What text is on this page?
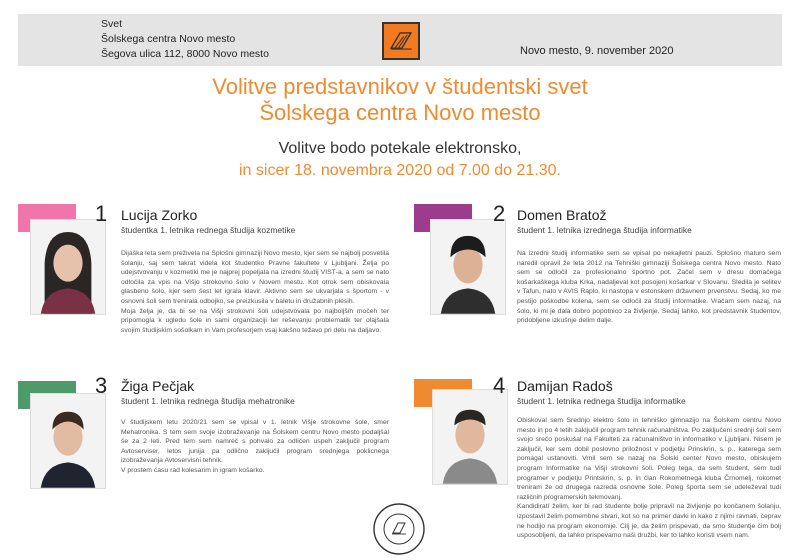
Svet
Šolskega centra Novo mesto
Šegova ulica 112, 8000 Novo mesto	Novo mesto, 9. november 2020
Volitve predstavnikov v študentski svet
Šolskega centra Novo mesto
Volitve bodo potekale elektronsko,
in sicer 18. novembra 2020 od 7.00 do 21.30.
1 Lucija Zorko
študentka 1. letnika rednega študija kozmetike

Dijaška leta sem preživela na Splošni gimnaziji Novo mesto, kjer sem se najbolj posvetila šolanju, saj sem takrat videla kot študentko Pravne fakultete v Ljubljani. Želja po udejstvovanju v kozmetiki me je najprej popeljala na izredni študij VIST‑a, a sem se nato odločila za vpis na Višjo strokovno šolo v Novem mestu. Kot otrok sem obiskovala glasbeno šolo, kjer sem šest let igrala klavir. Aktivno sem se ukvarjala s športom ‑ v osnovni šoli sem trenirala odbojko, se preizkusila v baletu in družabnih plesih.

Moja želja je, da bi se na Višji strokovni šoli udejstvovala po najboljših močeh ter pripomogla k ugledu šole in sami organizaciji ter reševanju problematik ter olajšala svojim študijskim sošolkam in Vam profesorjem vsaj kakšno težavo pri delu na daljavo.

2 Domen Bratož
študent 1. letnika izrednega študija informatike

Na izredni študij informatike sem se vpisal po nekajletni pauzi. Splošno maturo sem naredil opravil že leta 2012 na Tehniški gimnaziji Šolskega centra Novo mesto. Nato sem se odločil za profesionalno športno pot. Začel sem v dresu domačega košarkaškega kluba Krka, nadaljeval kot posojeni košarkar v Slovanu. Sledila je selitev v Tafun, nato v AVIS Raplo, ki nastopa v estonskem državnem prvenstvu. Sedaj, ko me pestijo poškodbe kolena, sem se odločil za študij informatike. Vračam sem nazaj, na šolo, ki mi je dala dobro popotnico za življenje. Sedaj lahko, kot predstavnik študentov, pridobljene izkušnje delim dalje.

3 Žiga Pečjak
študent 1. letnika rednega študija mehatronike

V študijskem letu 2020/21 sem se vpisal v 1. letnik Višje strokovne šole, smer Mehatronika. S tem sem svoje izobraževanje na Šolskem centru Novo mesto podaljšal še za 2 leti. Pred tem sem namreč s pohvalo za odličen uspeh zaključil program Avtoserviser, letos junija pa odlično zaključil program srednjega poklicnega izobraževanja Avtoservisni tehnik.

V prostem času rad kolesarim in igram košarko.

4 Damijan Radoš
študent 1. letnika rednega študija informatike

Obiskoval sem Srednjo elektro šolo in tehniško gimnazijo na Šolskem centru Novo mesto in po 4 letih zaključil program tehnik računalništva. Po zaključeni srednji šoli sem svojo srečo poskušal na Fakulteti za računalništvo in informatiko v Ljubljani. Nisem je zaključil, ker sem dobil poslovno priložnost v podjetju Prinskrin, s. p., katerega sem pomagal ustanoviti. Vrnil sem se nazaj na Šolski center Novo mesto, obiskujem program Informatike na Višji strokovni šoli. Poleg tega, da sem študent, sem tudi programer v podjetju Printskrin, s. p. in član Rokometnega kluba Črnomelj, rokomet treniram že od drugega razreda osnovne šole. Poleg športa sem se udeleževal tudi različnih programerskih tekmovanj.

Kandidiratí želim, ker bi rad študente bolje pripravil na življenje po končanem šolanju, izpostavil želim pomembne stvari, kot so na primer davki in kako z njimi ravnati, čeprav ne hodijo na program ekonomije. Cilj je, da želim prispevati, da smo študentje čim bolj usposobljeni, da lahko prispevamo naši družbi, ker to lahko koristi vsem nam.
